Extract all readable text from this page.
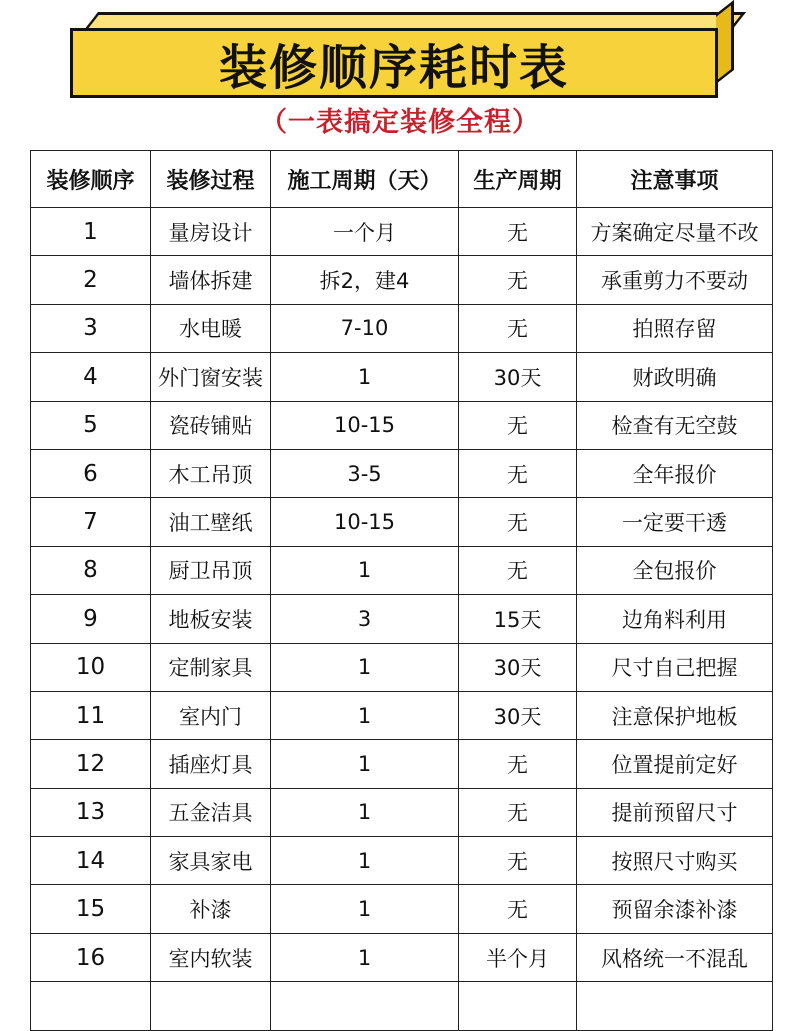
装修顺序耗时表
（一表搞定装修全程）
装修顺序	装修过程	施工周期（天）	生产周期	注意事项
1	量房设计	一个月	无	方案确定尽量不改
2	墙体拆建	拆2，建4	无	承重剪力不要动
3	水电暖	7-10	无	拍照存留
4	外门窗安装	1	30天	财政明确
5	瓷砖铺贴	10-15	无	检查有无空鼓
6	木工吊顶	3-5	无	全年报价
7	油工壁纸	10-15	无	一定要干透
8	厨卫吊顶	1	无	全包报价
9	地板安装	3	15天	边角料利用
10	定制家具	1	30天	尺寸自己把握
11	室内门	1	30天	注意保护地板
12	插座灯具	1	无	位置提前定好
13	五金洁具	1	无	提前预留尺寸
14	家具家电	1	无	按照尺寸购买
15	补漆	1	无	预留余漆补漆
16	室内软装	1	半个月	风格统一不混乱
